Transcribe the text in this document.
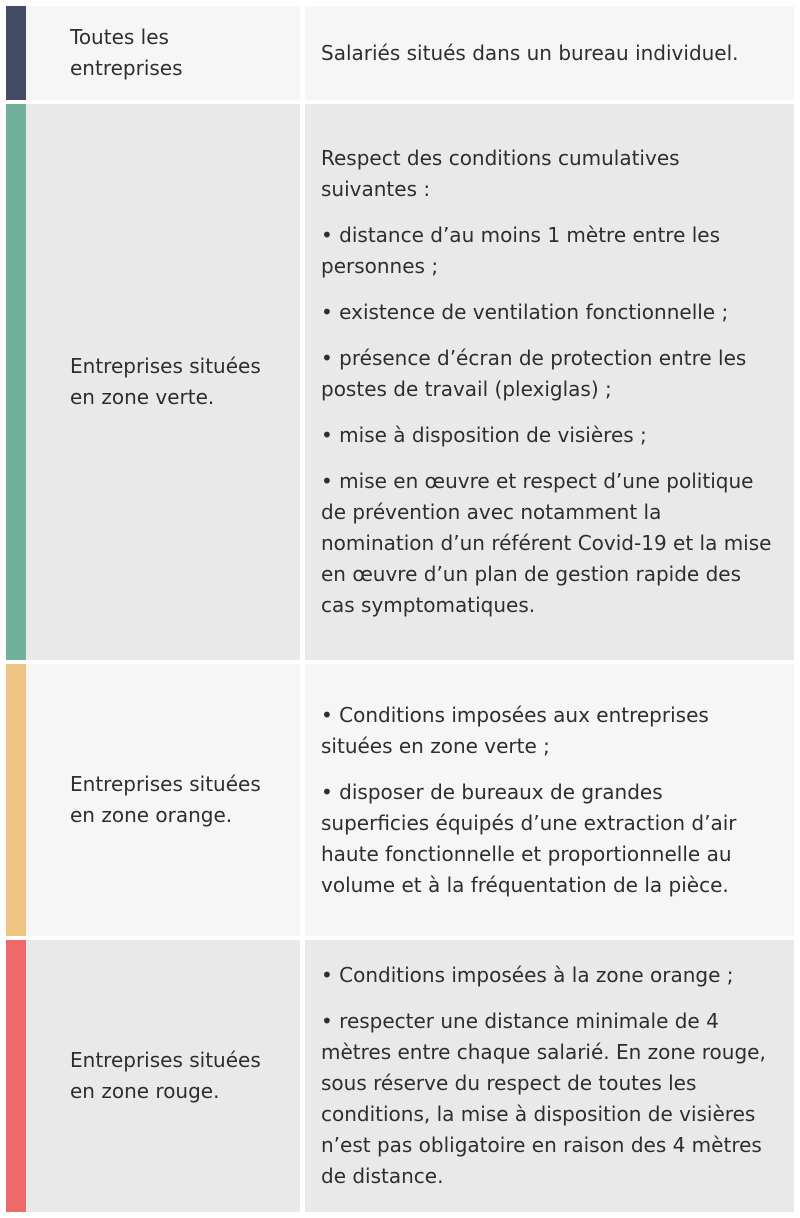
Toutes les entreprises

Salariés situés dans un bureau individuel.

Entreprises situées en zone verte.

Respect des conditions cumulatives suivantes :

• distance d’au moins 1 mètre entre les personnes ;

• existence de ventilation fonctionnelle ;

• présence d’écran de protection entre les postes de travail (plexiglas) ;

• mise à disposition de visières ;

• mise en œuvre et respect d’une politique de prévention avec notamment la nomination d’un référent Covid-19 et la mise en œuvre d’un plan de gestion rapide des cas symptomatiques.

Entreprises situées en zone orange.

• Conditions imposées aux entreprises situées en zone verte ;

• disposer de bureaux de grandes superficies équipés d’une extraction d’air haute fonctionnelle et proportionnelle au volume et à la fréquentation de la pièce.

Entreprises situées en zone rouge.

• Conditions imposées à la zone orange ;

• respecter une distance minimale de 4 mètres entre chaque salarié. En zone rouge, sous réserve du respect de toutes les conditions, la mise à disposition de visières n’est pas obligatoire en raison des 4 mètres de distance.
